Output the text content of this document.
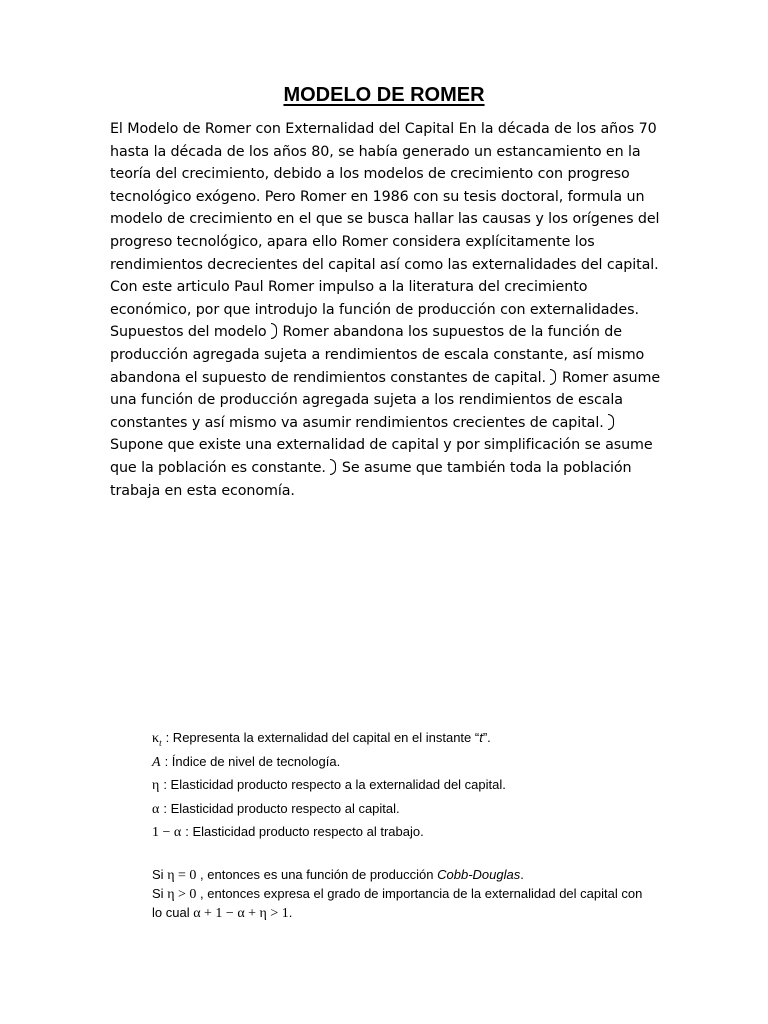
MODELO DE ROMER

El Modelo de Romer con Externalidad del Capital En la década de los años 70 hasta la década de los años 80, se había generado un estancamiento en la teoría del crecimiento, debido a los modelos de crecimiento con progreso tecnológico exógeno. Pero Romer en 1986 con su tesis doctoral, formula un modelo de crecimiento en el que se busca hallar las causas y los orígenes del progreso tecnológico, apara ello Romer considera explícitamente los rendimientos decrecientes del capital así como las externalidades del capital. Con este articulo Paul Romer impulso a la literatura del crecimiento económico, por que introdujo la función de producción con externalidades. Supuestos del modelo Romer abandona los supuestos de la función de producción agregada sujeta a rendimientos de escala constante, así mismo abandona el supuesto de rendimientos constantes de capital. Romer asume una función de producción agregada sujeta a los rendimientos de escala constantes y así mismo va asumir rendimientos crecientes de capital.Supone que existe una externalidad de capital y por simplificación se asume que la población es constante. Se asume que también toda la población trabaja en esta economía.

$\kappa_t$ : Representa la externalidad del capital en el instante “t”.
A : Índice de nivel de tecnología.
η : Elasticidad producto respecto a la externalidad del capital.
α : Elasticidad producto respecto al capital.
1 − α : Elasticidad producto respecto al trabajo.
Si η = 0 , entonces es una función de producción Cobb-Douglas.
Si η > 0 , entonces expresa el grado de importancia de la externalidad del capital con
lo cual α + 1 − α + η > 1.
